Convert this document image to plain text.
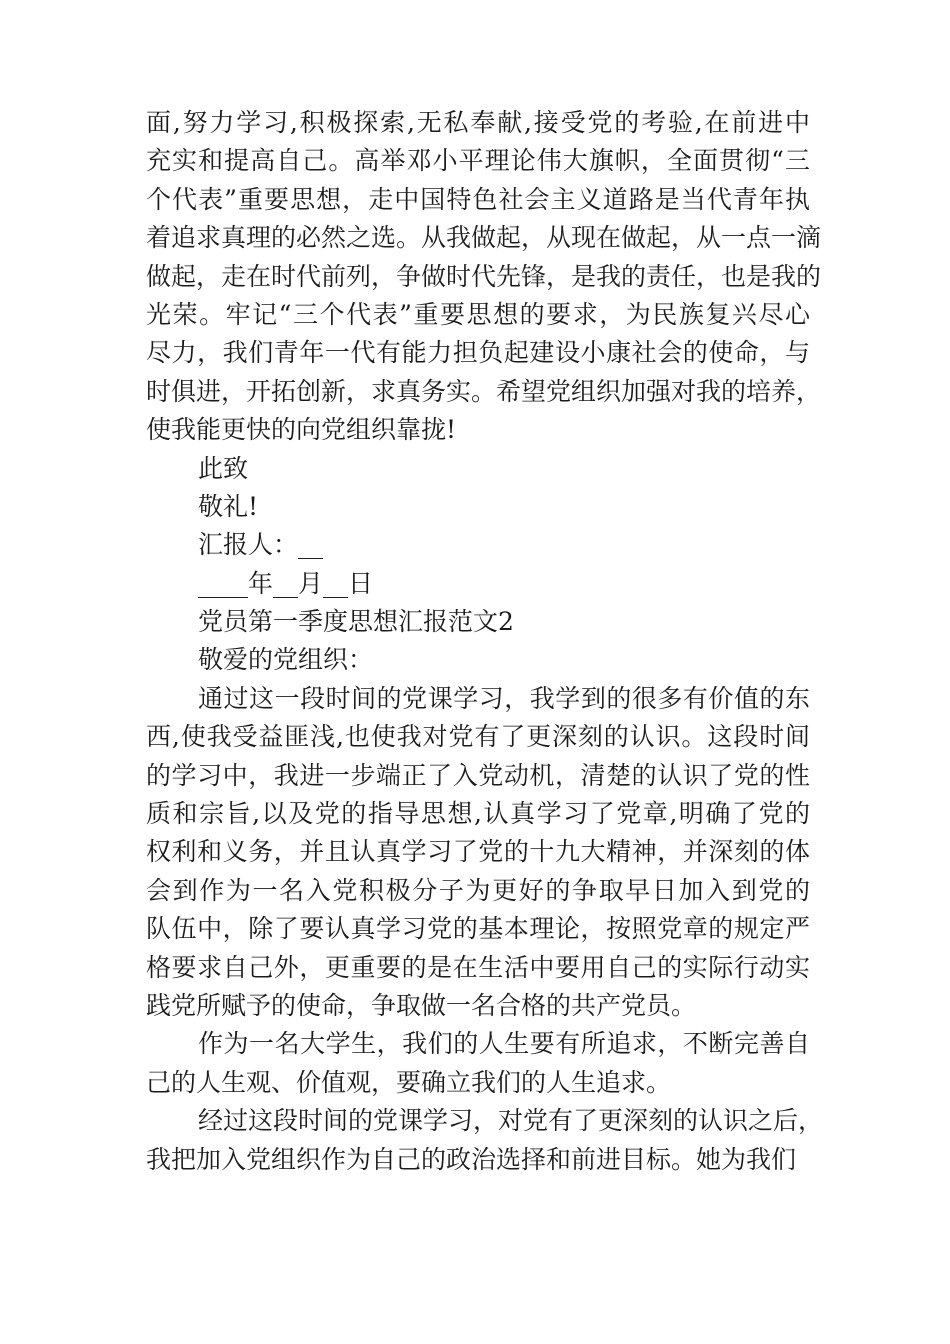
面,努力学习,积极探索,无私奉献,接受党的考验,在前进中
充实和提高自己。高举邓小平理论伟大旗帜，全面贯彻“三
个代表”重要思想，走中国特色社会主义道路是当代青年执
着追求真理的必然之选。从我做起，从现在做起，从一点一滴
做起，走在时代前列，争做时代先锋，是我的责任，也是我的
光荣。牢记“三个代表”重要思想的要求，为民族复兴尽心
尽力，我们青年一代有能力担负起建设小康社会的使命，与
时俱进，开拓创新，求真务实。希望党组织加强对我的培养，
使我能更快的向党组织靠拢!
此致
敬礼!
汇报人：__
____年__月__日
党员第一季度思想汇报范文2
敬爱的党组织：
通过这一段时间的党课学习，我学到的很多有价值的东
西,使我受益匪浅,也使我对党有了更深刻的认识。这段时间
的学习中，我进一步端正了入党动机，清楚的认识了党的性
质和宗旨,以及党的指导思想,认真学习了党章,明确了党的
权利和义务，并且认真学习了党的十九大精神，并深刻的体
会到作为一名入党积极分子为更好的争取早日加入到党的
队伍中，除了要认真学习党的基本理论，按照党章的规定严
格要求自己外，更重要的是在生活中要用自己的实际行动实
践党所赋予的使命，争取做一名合格的共产党员。
作为一名大学生，我们的人生要有所追求，不断完善自
己的人生观、价值观，要确立我们的人生追求。
经过这段时间的党课学习，对党有了更深刻的认识之后，
我把加入党组织作为自己的政治选择和前进目标。她为我们
